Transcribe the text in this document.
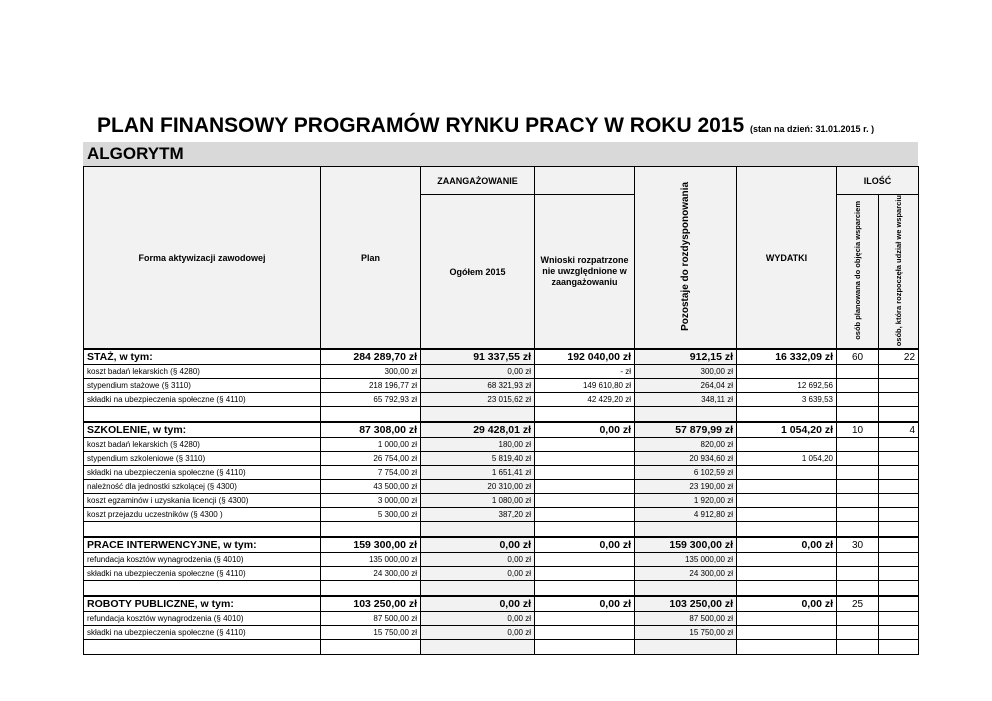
PLAN FINANSOWY PROGRAMÓW RYNKU PRACY W ROKU 2015 (stan na dzień: 31.01.2015 r. )
ALGORYTM
Forma aktywizacji zawodowej	Plan	ZAANGAŻOWANIE		Pozostaje do rozdysponowania	WYDATKI	ILOŚĆ	
		Ogółem 2015	Wnioski rozpatrzone nie uwzględnione w zaangażowaniu			osób planowana do objęcia wsparciem	osób, która rozpoczęła udział we wsparciu
STAŻ, w tym:	284 289,70 zł	91 337,55 zł	192 040,00 zł	912,15 zł	16 332,09 zł	60	22
koszt badań lekarskich (§ 4280)	300,00 zł	0,00 zł	- zł	300,00 zł			
stypendium stażowe (§ 3110)	218 196,77 zł	68 321,93 zł	149 610,80 zł	264,04 zł	12 692,56		
składki na ubezpieczenia społeczne (§ 4110)	65 792,93 zł	23 015,62 zł	42 429,20 zł	348,11 zł	3 639,53		

SZKOLENIE, w tym:	87 308,00 zł	29 428,01 zł	0,00 zł	57 879,99 zł	1 054,20 zł	10	4
koszt badań lekarskich (§ 4280)	1 000,00 zł	180,00 zł		820,00 zł			
stypendium szkoleniowe (§ 3110)	26 754,00 zł	5 819,40 zł		20 934,60 zł	1 054,20		
składki na ubezpieczenia społeczne (§ 4110)	7 754,00 zł	1 651,41 zł		6 102,59 zł			
należność dla jednostki szkolącej (§ 4300)	43 500,00 zł	20 310,00 zł		23 190,00 zł			
koszt egzaminów i uzyskania licencji (§ 4300)	3 000,00 zł	1 080,00 zł		1 920,00 zł			
koszt przejazdu uczestników (§ 4300 )	5 300,00 zł	387,20 zł		4 912,80 zł			

PRACE INTERWENCYJNE, w tym:	159 300,00 zł	0,00 zł	0,00 zł	159 300,00 zł	0,00 zł	30	
refundacja kosztów wynagrodzenia (§ 4010)	135 000,00 zł	0,00 zł		135 000,00 zł			
składki na ubezpieczenia społeczne (§ 4110)	24 300,00 zł	0,00 zł		24 300,00 zł			

ROBOTY PUBLICZNE, w tym:	103 250,00 zł	0,00 zł	0,00 zł	103 250,00 zł	0,00 zł	25	
refundacja kosztów wynagrodzenia (§ 4010)	87 500,00 zł	0,00 zł		87 500,00 zł			
składki na ubezpieczenia społeczne (§ 4110)	15 750,00 zł	0,00 zł		15 750,00 zł			
